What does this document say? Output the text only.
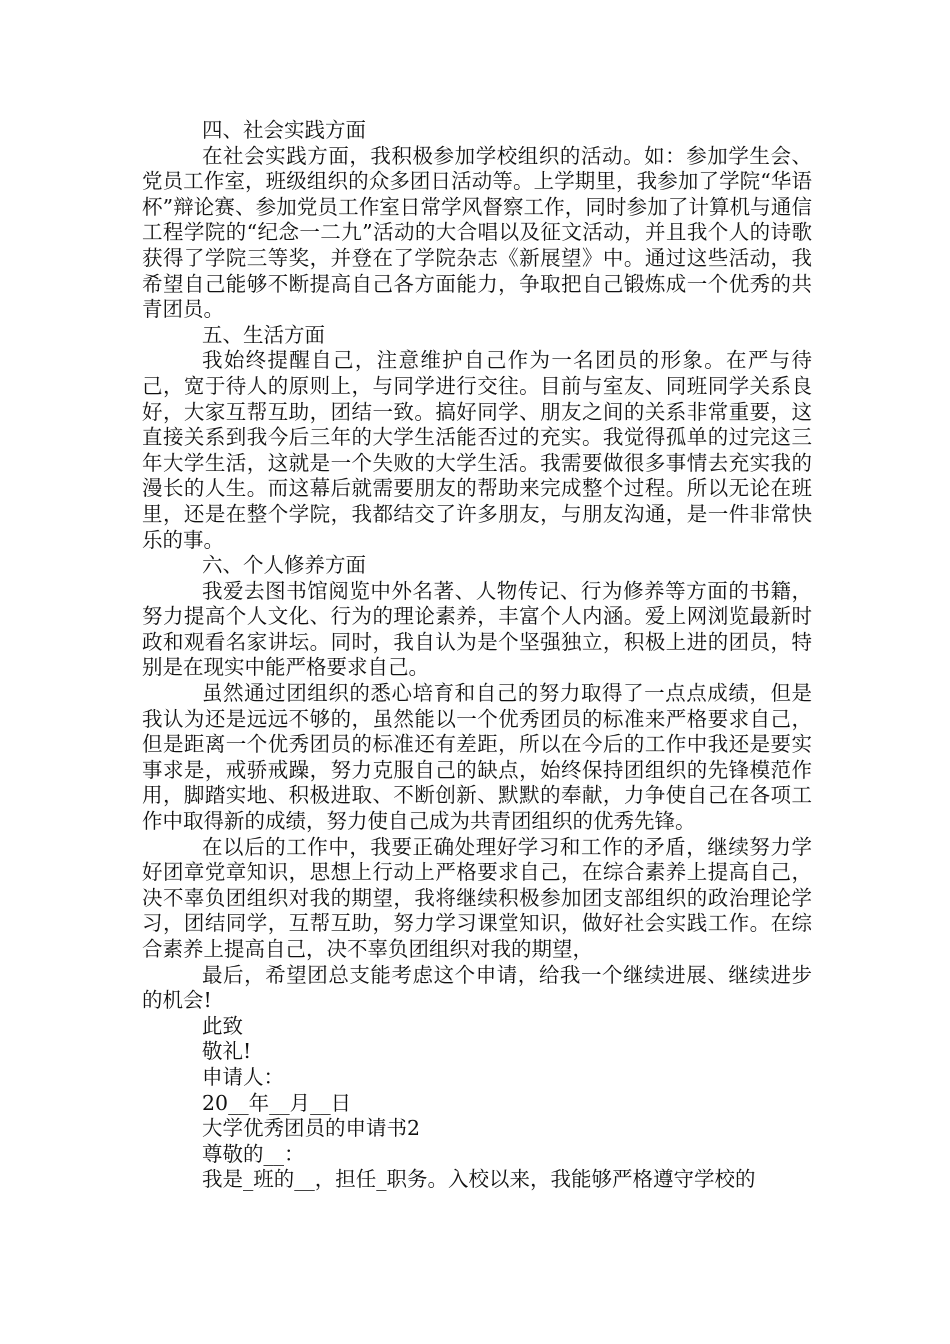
四、社会实践方面

在社会实践方面，我积极参加学校组织的活动。如：参加学生会、党员工作室，班级组织的众多团日活动等。上学期里，我参加了学院“华语杯”辩论赛、参加党员工作室日常学风督察工作，同时参加了计算机与通信工程学院的“纪念一二九”活动的大合唱以及征文活动，并且我个人的诗歌获得了学院三等奖，并登在了学院杂志《新展望》中。通过这些活动，我希望自己能够不断提高自己各方面能力，争取把自己锻炼成一个优秀的共青团员。

五、生活方面

我始终提醒自己，注意维护自己作为一名团员的形象。在严与待己，宽于待人的原则上，与同学进行交往。目前与室友、同班同学关系良好，大家互帮互助，团结一致。搞好同学、朋友之间的关系非常重要，这直接关系到我今后三年的大学生活能否过的充实。我觉得孤单的过完这三年大学生活，这就是一个失败的大学生活。我需要做很多事情去充实我的漫长的人生。而这幕后就需要朋友的帮助来完成整个过程。所以无论在班里，还是在整个学院，我都结交了许多朋友，与朋友沟通，是一件非常快乐的事。

六、个人修养方面

我爱去图书馆阅览中外名著、人物传记、行为修养等方面的书籍，努力提高个人文化、行为的理论素养，丰富个人内涵。爱上网浏览最新时政和观看名家讲坛。同时，我自认为是个坚强独立，积极上进的团员，特别是在现实中能严格要求自己。

虽然通过团组织的悉心培育和自己的努力取得了一点点成绩，但是我认为还是远远不够的，虽然能以一个优秀团员的标准来严格要求自己，但是距离一个优秀团员的标准还有差距，所以在今后的工作中我还是要实事求是，戒骄戒躁，努力克服自己的缺点，始终保持团组织的先锋模范作用，脚踏实地、积极进取、不断创新、默默的奉献，力争使自己在各项工作中取得新的成绩，努力使自己成为共青团组织的优秀先锋。

在以后的工作中，我要正确处理好学习和工作的矛盾，继续努力学好团章党章知识，思想上行动上严格要求自己，在综合素养上提高自己，决不辜负团组织对我的期望，我将继续积极参加团支部组织的政治理论学习，团结同学，互帮互助，努力学习课堂知识，做好社会实践工作。在综合素养上提高自己，决不辜负团组织对我的期望，

最后，希望团总支能考虑这个申请，给我一个继续进展、继续进步的机会!

此致

敬礼!

申请人：

20__年__月__日

大学优秀团员的申请书2

尊敬的__：

我是_班的__，担任_职务。入校以来，我能够严格遵守学校的
